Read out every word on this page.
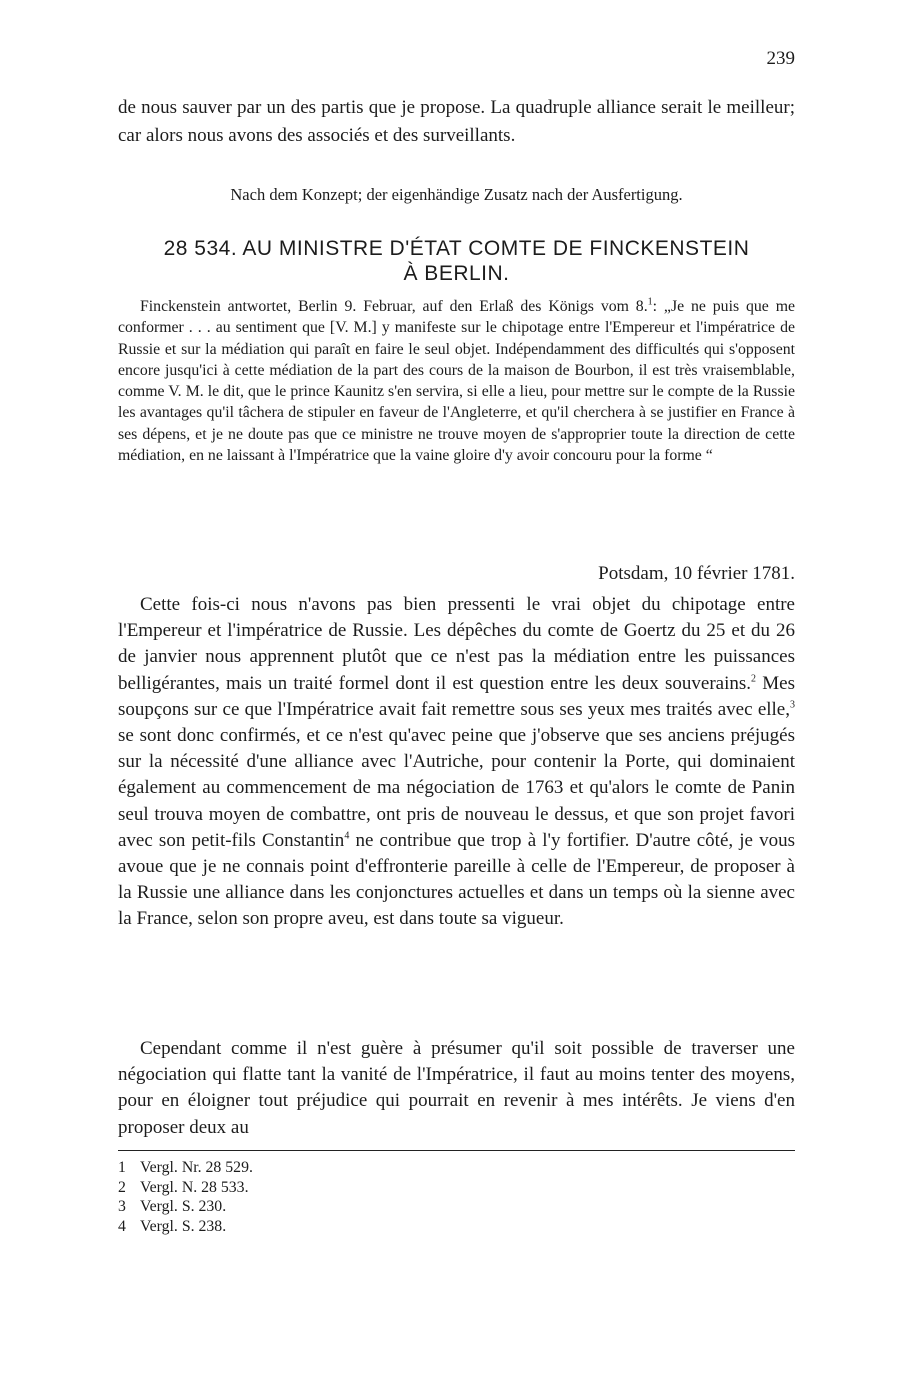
239
de nous sauver par un des partis que je propose. La quadruple alliance serait le meilleur; car alors nous avons des associés et des surveillants.
Nach dem Konzept; der eigenhändige Zusatz nach der Ausfertigung.
28 534. AU MINISTRE D'ÉTAT COMTE DE FINCKENSTEIN
À BERLIN.
Finckenstein antwortet, Berlin 9. Februar, auf den Erlaß des Königs vom 8.$^1$: „Je ne puis que me conformer . . . au sentiment que [V. M.] y manifeste sur le chipotage entre l'Empereur et l'impératrice de Russie et sur la médiation qui paraît en faire le seul objet. Indépendamment des difficultés qui s'opposent encore jusqu'ici à cette médiation de la part des cours de la maison de Bourbon, il est très vraisemblable, comme V. M. le dit, que le prince Kaunitz s'en servira, si elle a lieu, pour mettre sur le compte de la Russie les avantages qu'il tâchera de stipuler en faveur de l'Angleterre, et qu'il cherchera à se justifier en France à ses dépens, et je ne doute pas que ce ministre ne trouve moyen de s'approprier toute la direction de cette médiation, en ne laissant à l'Impératrice que la vaine gloire d'y avoir concouru pour la forme “
Potsdam, 10 février 1781.
Cette fois-ci nous n'avons pas bien pressenti le vrai objet du chipotage entre l'Empereur et l'impératrice de Russie. Les dépêches du comte de Goertz du 25 et du 26 de janvier nous apprennent plutôt que ce n'est pas la médiation entre les puissances belligérantes, mais un traité formel dont il est question entre les deux souverains.$^2$ Mes soupçons sur ce que l'Impératrice avait fait remettre sous ses yeux mes traités avec elle,$^3$ se sont donc confirmés, et ce n'est qu'avec peine que j'observe que ses anciens préjugés sur la nécessité d'une alliance avec l'Autriche, pour contenir la Porte, qui dominaient également au commencement de ma négociation de 1763 et qu'alors le comte de Panin seul trouva moyen de combattre, ont pris de nouveau le dessus, et que son projet favori avec son petit-fils Constantin$^4$ ne contribue que trop à l'y fortifier. D'autre côté, je vous avoue que je ne connais point d'effronterie pareille à celle de l'Empereur, de proposer à la Russie une alliance dans les conjonctures actuelles et dans un temps où la sienne avec la France, selon son propre aveu, est dans toute sa vigueur.
Cependant comme il n'est guère à présumer qu'il soit possible de traverser une négociation qui flatte tant la vanité de l'Impératrice, il faut au moins tenter des moyens, pour en éloigner tout préjudice qui pourrait en revenir à mes intérêts. Je viens d'en proposer deux au
1 Vergl. Nr. 28 529.
2 Vergl. N. 28 533.
3 Vergl. S. 230.
4 Vergl. S. 238.
